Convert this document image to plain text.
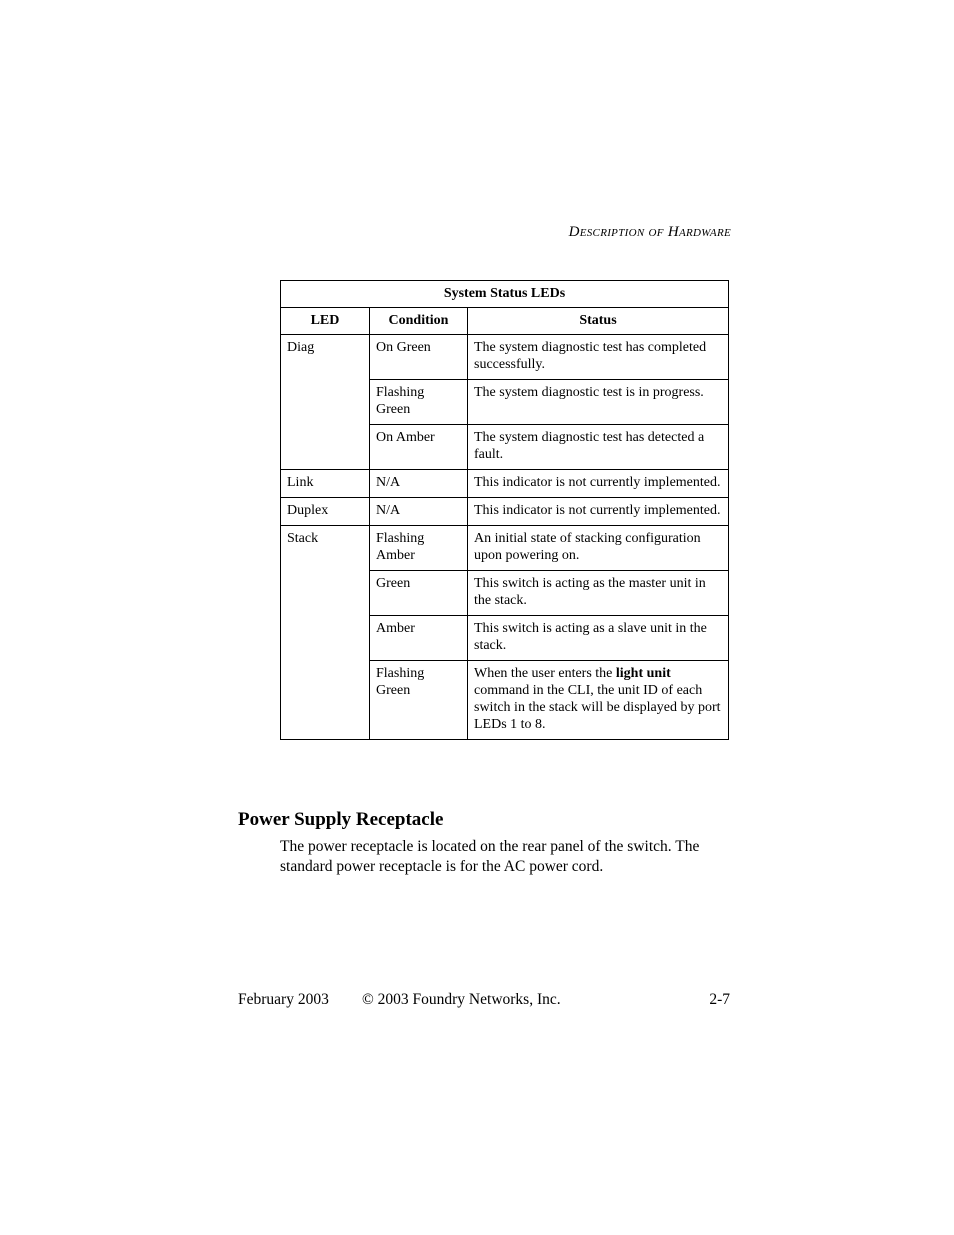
Description of Hardware
System Status LEDs		
LED	Condition	Status
Diag	On Green	The system diagnostic test has completed successfully.
	Flashing Green	The system diagnostic test is in progress.
	On Amber	The system diagnostic test has detected a fault.
Link	N/A	This indicator is not currently implemented.
Duplex	N/A	This indicator is not currently implemented.
Stack	Flashing Amber	An initial state of stacking configuration upon powering on.
	Green	This switch is acting as the master unit in the stack.
	Amber	This switch is acting as a slave unit in the stack.
	Flashing Green	When the user enters the light unit command in the CLI, the unit ID of each switch in the stack will be displayed by port LEDs 1 to 8.
Power Supply Receptacle
The power receptacle is located on the rear panel of the switch. The standard power receptacle is for the AC power cord.
February 2003 © 2003 Foundry Networks, Inc.	2-7
